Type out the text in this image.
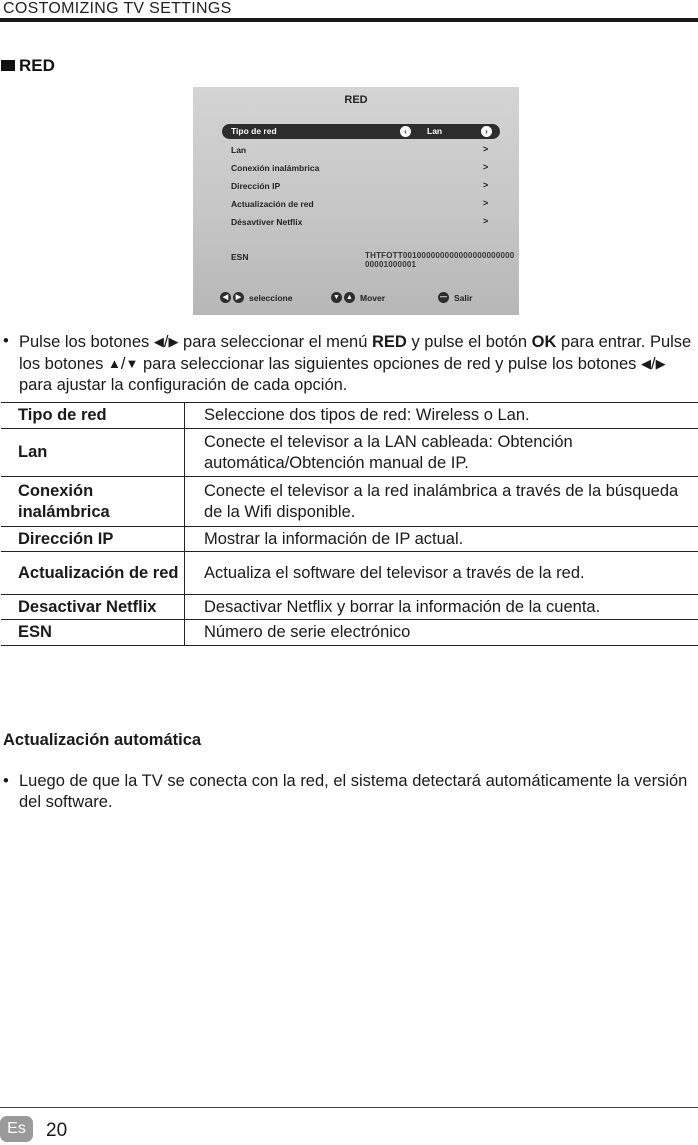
COSTOMIZING TV SETTINGS
RED
RED
Tipo de red	‹	Lan	›
Lan	>
Conexión inalámbrica	>
Dirección IP	>
Actualización de red	>
Désavtiver Netflix	>
ESN	THTFOTT00100000000000000000000000001000001
◀	▶ seleccione	▼ ▲ Mover	— Salir
• Pulse los botones ◀/▶ para seleccionar el menú RED y pulse el botón OK para entrar. Pulse los botones ▲/▼ para seleccionar las siguientes opciones de red y pulse los botones ◀/▶ para ajustar la configuración de cada opción.
Tipo de red	Seleccione dos tipos de red: Wireless o Lan.
Lan	Conecte el televisor a la LAN cableada: Obtención automática/Obtención manual de IP.
Conexión inalámbrica	Conecte el televisor a la red inalámbrica a través de la búsqueda de la Wifi disponible.
Dirección IP	Mostrar la información de IP actual.
Actualización de red	Actualiza el software del televisor a través de la red.
Desactivar Netflix	Desactivar Netflix y borrar la información de la cuenta.
ESN	Número de serie electrónico
Actualización automática
• Luego de que la TV se conecta con la red, el sistema detectará automáticamente la versión del software.
Es	20
